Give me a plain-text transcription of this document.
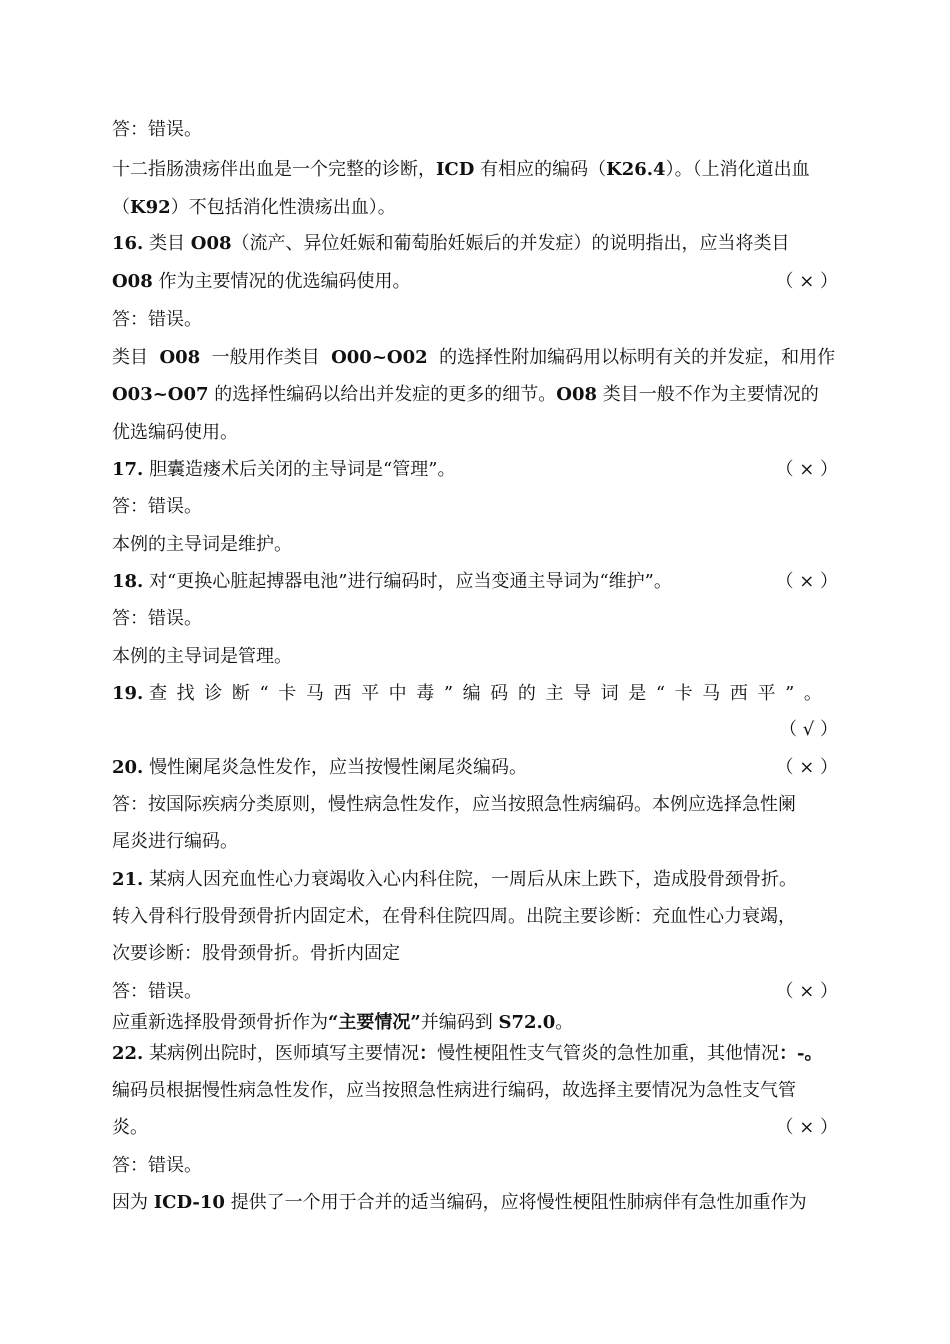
答：错误。
十二指肠溃疡伴出血是一个完整的诊断，ICD 有相应的编码（K26.4）。（上消化道出血
（K92）不包括消化性溃疡出血）。
16. 类目 O08（流产、异位妊娠和葡萄胎妊娠后的并发症）的说明指出，应当将类目
O08 作为主要情况的优选编码使用。	（ × ）
答：错误。
类目 O08 一般用作类目 O00~O02 的选择性附加编码用以标明有关的并发症，和用作
O03~O07 的选择性编码以给出并发症的更多的细节。O08 类目一般不作为主要情况的
优选编码使用。
17. 胆囊造瘘术后关闭的主导词是“管理”。	（ × ）
答：错误。
本例的主导词是维护。
18. 对“更换心脏起搏器电池”进行编码时，应当变通主导词为“维护”。	（ × ）
答：错误。
本例的主导词是管理。
19. 查找诊断“卡马西平中毒”编码的主导词是“卡马西平”。
（ √ ）
20. 慢性阑尾炎急性发作，应当按慢性阑尾炎编码。	（ × ）
答：按国际疾病分类原则，慢性病急性发作，应当按照急性病编码。本例应选择急性阑
尾炎进行编码。
21. 某病人因充血性心力衰竭收入心内科住院，一周后从床上跌下，造成股骨颈骨折。
转入骨科行股骨颈骨折内固定术，在骨科住院四周。出院主要诊断：充血性心力衰竭，
次要诊断：股骨颈骨折。骨折内固定
答：错误。	（ × ）
应重新选择股骨颈骨折作为“主要情况”并编码到 S72.0。
22. 某病例出院时，医师填写主要情况：慢性梗阻性支气管炎的急性加重，其他情况：-。
编码员根据慢性病急性发作，应当按照急性病进行编码，故选择主要情况为急性支气管
炎。	（ × ）
答：错误。
因为 ICD-10 提供了一个用于合并的适当编码，应将慢性梗阻性肺病伴有急性加重作为
